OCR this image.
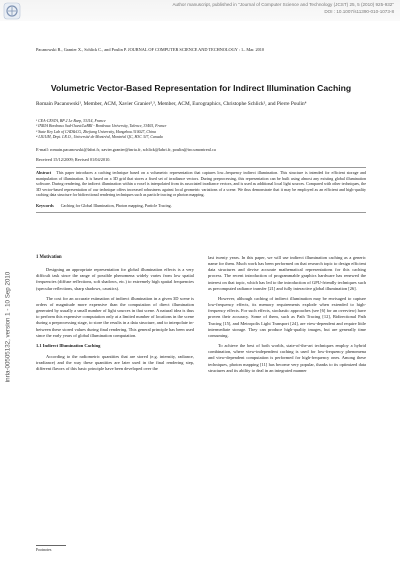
Author manuscript, published in "Journal of Computer Science and Technology (JCST) 25, 5 (2010) 925-932"
DOI : 10.1007/s11390-010-1073-8
inria-00505132, version 1 - 10 Sep 2010
Pacanowski R., Granier X., Schlick C., and Poulin P. JOURNAL OF COMPUTER SCIENCE AND TECHNOLOGY : 1– Mar. 2010
Volumetric Vector-Based Representation for Indirect Illumination Caching
Romain Pacanowski¹, Member, ACM, Xavier Granier²,³, Member, ACM, Eurographics, Christophe Schlick², and Pierre Poulin⁴
¹ CEA-CESTA, BP 2 Le Barp, 33114, France
² INRIA Bordeaux Sud-Ouest/LaBRI - Bordeaux University, Talence, 33405, France
³ State Key Lab of CAD&CG, Zhejiang University, Hangzhou 310027, China
⁴ LIGUM, Dept. I.R.O., Université de Montréal, Montréal QC, H3C 3J7, Canada
E-mail: romain.pacanowski@labri.fr, xavier.granier@inria.fr, schlick@labri.fr, poulin@iro.umontreal.ca
Received 15/12/2009; Revised 01/04/2010.
Abstract This paper introduces a caching technique based on a volumetric representation that captures low–frequency indirect illumination. This structure is intended for efficient storage and manipulation of illumination. It is based on a 3D grid that stores a fixed set of irradiance vectors. During preprocessing, this representation can be built using almost any existing global illumination software. During rendering, the indirect illumination within a voxel is interpolated from its associated irradiance vectors, and is used as additional local light sources. Compared with other techniques, the 3D vector-based representation of our technique offers increased robustness against local geometric variations of a scene. We thus demonstrate that it may be employed as an efficient and high-quality caching data structure for bidirectional rendering techniques such as particle tracing or photon mapping.
Keywords Caching for Global Illumination, Photon mapping, Particle Tracing.
1 Motivation

Designing an appropriate representation for global illumination effects is a very difficult task since the range of possible phenomena widely varies from low spatial frequencies (diffuse reflections, soft shadows, etc.) to extremely high spatial frequencies (specular reflections, sharp shadows, caustics).

The cost for an accurate estimation of indirect illumination in a given 3D scene is orders of magnitude more expensive than the computation of direct illumination generated by usually a small number of light sources in that scene. A natural idea is thus to perform this expensive computation only at a limited number of locations in the scene during a preprocessing stage, to store the results in a data structure, and to interpolate in-between these stored values during final rendering. This general principle has been used since the early years of global illumination computation.

1.1 Indirect Illumination Caching

According to the radiometric quantities that are stored (e.g. intensity, radiance, irradiance) and the way these quantities are later used in the final rendering step, different flavors of this basic principle have been developed over the

last twenty years. In this paper, we will use indirect illumination caching as a generic name for them. Much work has been performed on that research topic to design efficient data structures and devise accurate mathematical representations for this caching process. The recent introduction of programmable graphics hardware has renewed the interest on that topic, which has led to the introduction of GPU-friendly techniques such as precomputed radiance transfer [21] and fully interactive global illumination [26].

However, although caching of indirect illumination may be envisaged to capture low-frequency effects, its memory requirements explode when extended to high-frequency effects. For such effects, stochastic approaches (see [6] for an overview) have proven their accuracy. Some of them, such as Path Tracing [12], Bidirectional Path Tracing [15], and Metropolis Light Transport [24], are view-dependent and require little intermediate storage. They can produce high-quality images, but are generally time consuming.

To achieve the best of both worlds, state-of-the-art techniques employ a hybrid combination, where view-independent caching is used for low-frequency phenomena and view-dependent computation is performed for high-frequency ones. Among these techniques, photon mapping [11] has become very popular, thanks to its optimized data structures and its ability to deal in an integrated manner

Footnotes
